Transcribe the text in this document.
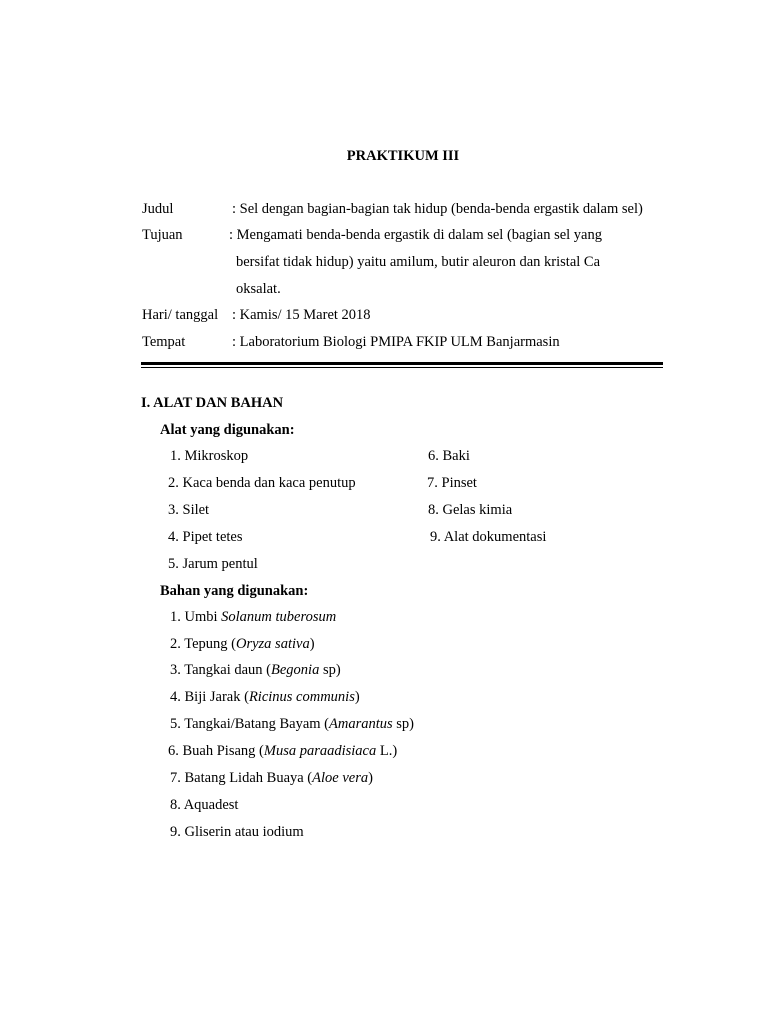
PRAKTIKUM III
Judul	: Sel dengan bagian-bagian tak hidup (benda-benda ergastik dalam sel)
Tujuan	: Mengamati benda-benda ergastik di dalam sel (bagian sel yang
bersifat tidak hidup) yaitu amilum, butir aleuron dan kristal Ca
oksalat.
Hari/ tanggal : Kamis/ 15 Maret 2018
Tempat	: Laboratorium Biologi PMIPA FKIP ULM Banjarmasin
I. ALAT DAN BAHAN
Alat yang digunakan:
1. Mikroskop
2. Kaca benda dan kaca penutup
3. Silet
4. Pipet tetes
5. Jarum pentul
6. Baki
7. Pinset
8. Gelas kimia
9. Alat dokumentasi
Bahan yang digunakan:
1. Umbi Solanum tuberosum
2. Tepung (Oryza sativa)
3. Tangkai daun (Begonia sp)
4. Biji Jarak (Ricinus communis)
5. Tangkai/Batang Bayam (Amarantus sp)
6. Buah Pisang (Musa paraadisiaca L.)
7. Batang Lidah Buaya (Aloe vera)
8. Aquadest
9. Gliserin atau iodium
